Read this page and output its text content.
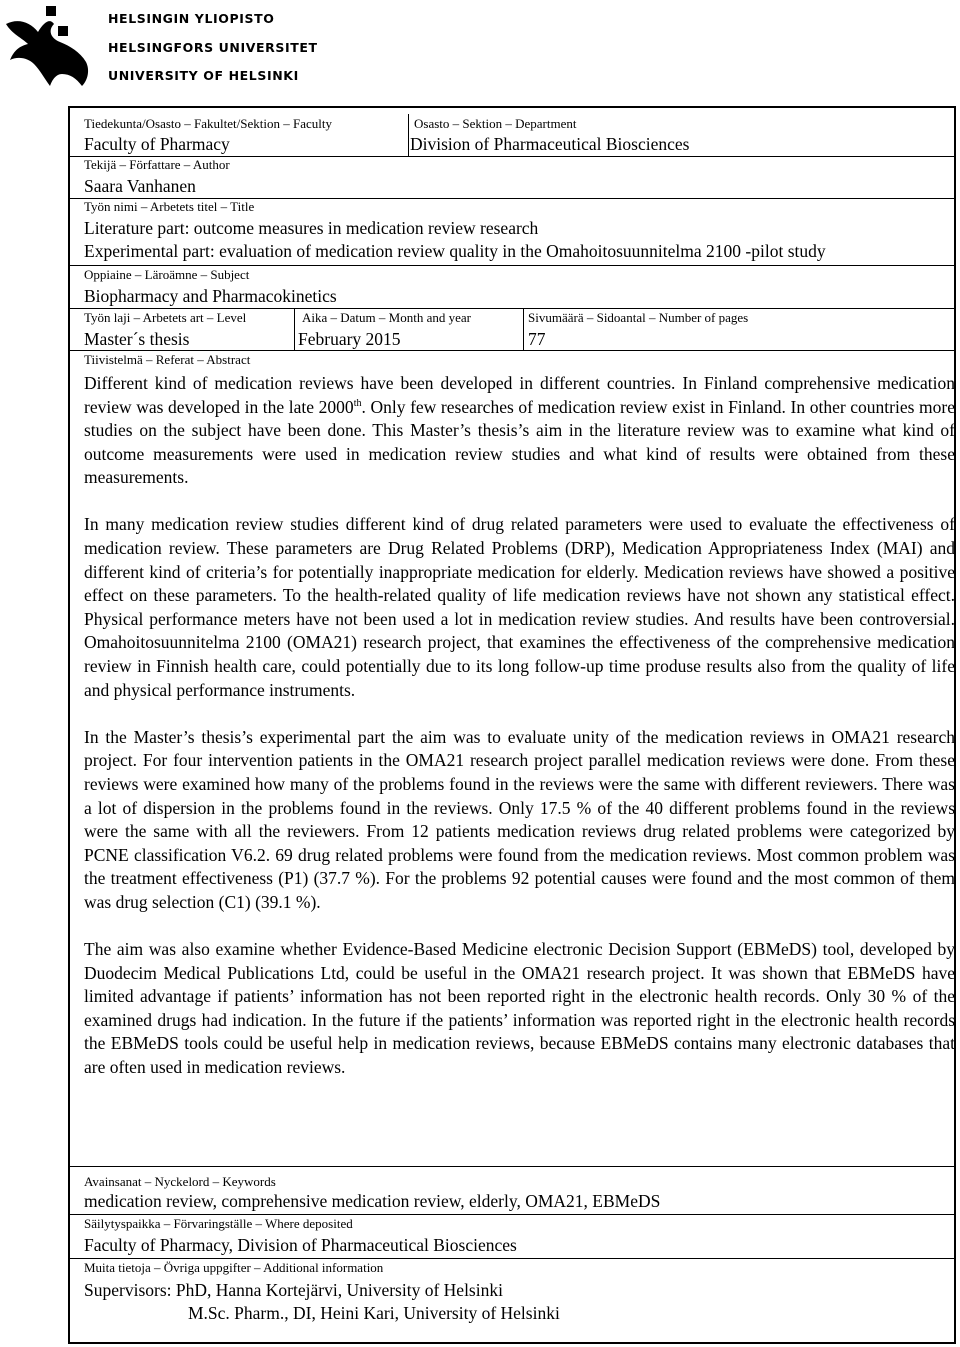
HELSINGIN YLIOPISTO
HELSINGFORS UNIVERSITET
UNIVERSITY OF HELSINKI
Tiedekunta/Osasto – Fakultet/Sektion – Faculty
Faculty of Pharmacy
Osasto – Sektion – Department
Division of Pharmaceutical Biosciences
Tekijä – Författare – Author
Saara Vanhanen
Työn nimi – Arbetets titel – Title
Literature part: outcome measures in medication review research
Experimental part: evaluation of medication review quality in the Omahoitosuunnitelma 2100 -pilot study
Oppiaine – Läroämne – Subject
Biopharmacy and Pharmacokinetics
Työn laji – Arbetets art – Level
Master´s thesis
Aika – Datum – Month and year
February 2015
Sivumäärä – Sidoantal – Number of pages
77
Tiivistelmä – Referat – Abstract

Different kind of medication reviews have been developed in different countries. In Finland comprehensive medication review was developed in the late 2000th. Only few researches of medication review exist in Finland. In other countries more studies on the subject have been done. This Master’s thesis’s aim in the literature review was to examine what kind of outcome measurements were used in medication review studies and what kind of results were obtained from these measurements.

In many medication review studies different kind of drug related parameters were used to evaluate the effectiveness of medication review. These parameters are Drug Related Problems (DRP), Medication Appropriateness Index (MAI) and different kind of criteria’s for potentially inappropriate medication for elderly. Medication reviews have showed a positive effect on these parameters. To the health-related quality of life medication reviews have not shown any statistical effect. Physical performance meters have not been used a lot in medication review studies. And results have been controversial. Omahoitosuunnitelma 2100 (OMA21) research project, that examines the effectiveness of the comprehensive medication review in Finnish health care, could potentially due to its long follow-up time produse results also from the quality of life and physical performance instruments.

In the Master’s thesis’s experimental part the aim was to evaluate unity of the medication reviews in OMA21 research project. For four intervention patients in the OMA21 research project parallel medication reviews were done. From these reviews were examined how many of the problems found in the reviews were the same with different reviewers. There was a lot of dispersion in the problems found in the reviews. Only 17.5 % of the 40 different problems found in the reviews were the same with all the reviewers. From 12 patients medication reviews drug related problems were categorized by PCNE classification V6.2. 69 drug related problems were found from the medication reviews. Most common problem was the treatment effectiveness (P1) (37.7 %). For the problems 92 potential causes were found and the most common of them was drug selection (C1) (39.1 %).

The aim was also examine whether Evidence-Based Medicine electronic Decision Support (EBMeDS) tool, developed by Duodecim Medical Publications Ltd, could be useful in the OMA21 research project. It was shown that EBMeDS have limited advantage if patients’ information has not been reported right in the electronic health records. Only 30 % of the examined drugs had indication. In the future if the patients’ information was reported right in the electronic health records the EBMeDS tools could be useful help in medication reviews, because EBMeDS contains many electronic databases that are often used in medication reviews.

Avainsanat – Nyckelord – Keywords
medication review, comprehensive medication review, elderly, OMA21, EBMeDS
Säilytyspaikka – Förvaringställe – Where deposited
Faculty of Pharmacy, Division of Pharmaceutical Biosciences
Muita tietoja – Övriga uppgifter – Additional information
Supervisors: PhD, Hanna Kortejärvi, University of Helsinki
M.Sc. Pharm., DI, Heini Kari, University of Helsinki
